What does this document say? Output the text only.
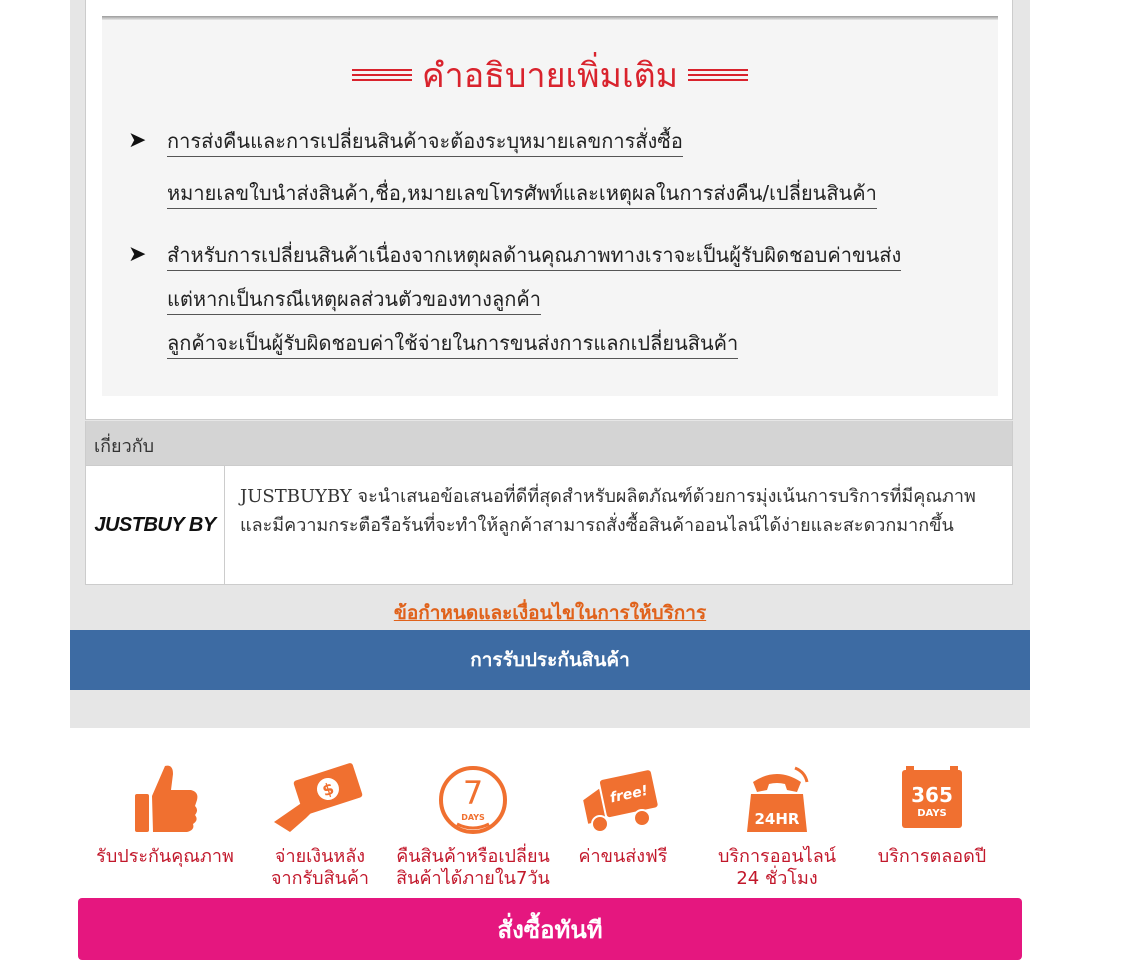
คำอธิบายเพิ่มเติม
➤ การส่งคืนและการเปลี่ยนสินค้าจะต้องระบุหมายเลขการสั่งซื้อ
หมายเลขใบนำส่งสินค้า,ชื่อ,หมายเลขโทรศัพท์และเหตุผลในการส่งคืน/เปลี่ยนสินค้า
➤ สำหรับการเปลี่ยนสินค้าเนื่องจากเหตุผลด้านคุณภาพทางเราจะเป็นผู้รับผิดชอบค่าขนส่ง
แต่หากเป็นกรณีเหตุผลส่วนตัวของทางลูกค้า
ลูกค้าจะเป็นผู้รับผิดชอบค่าใช้จ่ายในการขนส่งการแลกเปลี่ยนสินค้า
เกี่ยวกับ
JUSTBUY BY
JUSTBUYBY จะนำเสนอข้อเสนอที่ดีที่สุดสำหรับผลิตภัณฑ์ด้วยการมุ่งเน้นการบริการที่มีคุณภาพและมีความกระตือรือร้นที่จะทำให้ลูกค้าสามารถสั่งซื้อสินค้าออนไลน์ได้ง่ายและสะดวกมากขึ้น
ข้อกำหนดและเงื่อนไขในการให้บริการ
การรับประกันสินค้า
รับประกันคุณภาพ
$
จ่ายเงินหลัง
จากรับสินค้า
7
DAYS
คืนสินค้าหรือเปลี่ยน
สินค้าได้ภายใน7วัน
free!
ค่าขนส่งฟรี
24HR
บริการออนไลน์
24 ชั่วโมง
365
DAYS
บริการตลอดปี
สั่งซื้อทันที
